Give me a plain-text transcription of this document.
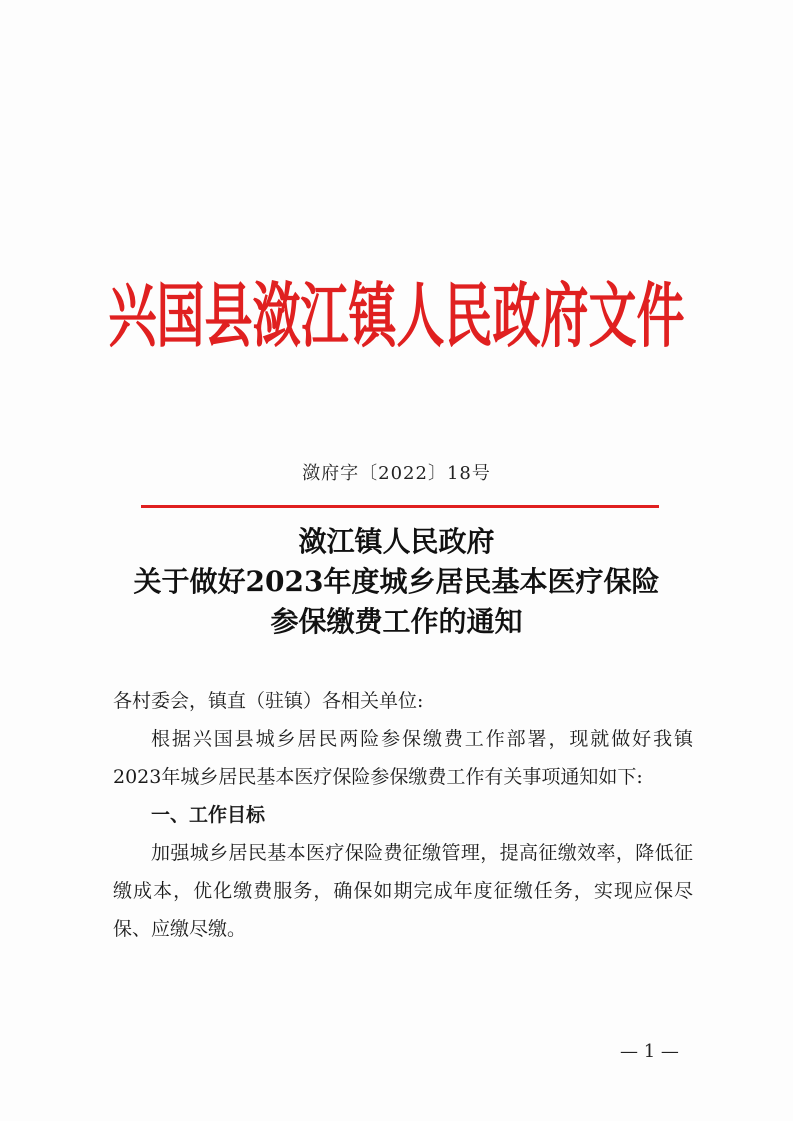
兴国县潋江镇人民政府文件
潋府字〔2022〕18号
潋江镇人民政府
关于做好2023年度城乡居民基本医疗保险
参保缴费工作的通知

各村委会，镇直（驻镇）各相关单位:

根据兴国县城乡居民两险参保缴费工作部署，现就做好我镇2023年城乡居民基本医疗保险参保缴费工作有关事项通知如下:

一、工作目标

加强城乡居民基本医疗保险费征缴管理，提高征缴效率，降低征缴成本，优化缴费服务，确保如期完成年度征缴任务，实现应保尽保、应缴尽缴。

— 1 —
